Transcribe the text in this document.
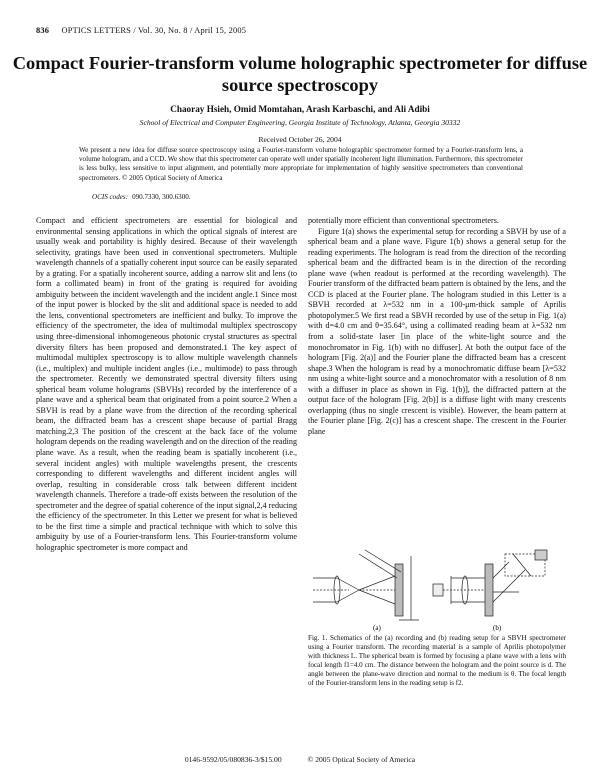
836 OPTICS LETTERS / Vol. 30, No. 8 / April 15, 2005
Compact Fourier-transform volume holographic spectrometer for diffuse source spectroscopy
Chaoray Hsieh, Omid Momtahan, Arash Karbaschi, and Ali Adibi
School of Electrical and Computer Engineering, Georgia Institute of Technology, Atlanta, Georgia 30332
Received October 26, 2004
We present a new idea for diffuse source spectroscopy using a Fourier-transform volume holographic spectrometer formed by a Fourier-transform lens, a volume hologram, and a CCD. We show that this spectrometer can operate well under spatially incoherent light illumination. Furthermore, this spectrometer is less bulky, less sensitive to input alignment, and potentially more appropriate for implementation of highly sensitive spectrometers than conventional spectrometers. © 2005 Optical Society of America
OCIS codes: 090.7330, 300.6300.

Compact and efficient spectrometers are essential for biological and environmental sensing applications in which the optical signals of interest are usually weak and portability is highly desired. Because of their wavelength selectivity, gratings have been used in conventional spectrometers. Multiple wavelength channels of a spatially coherent input source can be easily separated by a grating. For a spatially incoherent source, adding a narrow slit and lens (to form a collimated beam) in front of the grating is required for avoiding ambiguity between the incident wavelength and the incident angle.1 Since most of the input power is blocked by the slit and additional space is needed to add the lens, conventional spectrometers are inefficient and bulky. To improve the efficiency of the spectrometer, the idea of multimodal multiplex spectroscopy using three-dimensional inhomogeneous photonic crystal structures as spectral diversity filters has been proposed and demonstrated.1 The key aspect of multimodal multiplex spectroscopy is to allow multiple wavelength channels (i.e., multiplex) and multiple incident angles (i.e., multimode) to pass through the spectrometer. Recently we demonstrated spectral diversity filters using spherical beam volume holograms (SBVHs) recorded by the interference of a plane wave and a spherical beam that originated from a point source.2 When a SBVH is read by a plane wave from the direction of the recording spherical beam, the diffracted beam has a crescent shape because of partial Bragg matching.2,3 The position of the crescent at the back face of the volume hologram depends on the reading wavelength and on the direction of the reading plane wave. As a result, when the reading beam is spatially incoherent (i.e., several incident angles) with multiple wavelengths present, the crescents corresponding to different wavelengths and different incident angles will overlap, resulting in considerable cross talk between different incident wavelength channels. Therefore a trade-off exists between the resolution of the spectrometer and the degree of spatial coherence of the input signal,2,4 reducing the efficiency of the spectrometer. In this Letter we present for what is believed to be the first time a simple and practical technique with which to solve this ambiguity by use of a Fourier-transform lens. This Fourier-transform volume holographic spectrometer is more compact and

potentially more efficient than conventional spectrometers.

Figure 1(a) shows the experimental setup for recording a SBVH by use of a spherical beam and a plane wave. Figure 1(b) shows a general setup for the reading experiments. The hologram is read from the direction of the recording spherical beam and the diffracted beam is in the direction of the recording plane wave (when readout is performed at the recording wavelength). The Fourier transform of the diffracted beam pattern is obtained by the lens, and the CCD is placed at the Fourier plane. The hologram studied in this Letter is a SBVH recorded at λ=532 nm in a 100-μm-thick sample of Aprilis photopolymer.5 We first read a SBVH recorded by use of the setup in Fig. 1(a) with d=4.0 cm and θ=35.64°, using a collimated reading beam at λ=532 nm from a solid-state laser [in place of the white-light source and the monochromator in Fig. 1(b) with no diffuser]. At both the output face of the hologram [Fig. 2(a)] and the Fourier plane the diffracted beam has a crescent shape.3 When the hologram is read by a monochromatic diffuse beam [λ=532 nm using a white-light source and a monochromator with a resolution of 8 nm with a diffuser in place as shown in Fig. 1(b)], the diffracted pattern at the output face of the hologram [Fig. 2(b)] is a diffuse light with many crescents overlapping (thus no single crescent is visible). However, the beam pattern at the Fourier plane [Fig. 2(c)] has a crescent shape. The crescent in the Fourier plane

(a)	(b)
Fig. 1. Schematics of the (a) recording and (b) reading setup for a SBVH spectrometer using a Fourier transform. The recording material is a sample of Aprilis photopolymer with thickness L. The spherical beam is formed by focusing a plane wave with a lens with focal length f1=4.0 cm. The distance between the hologram and the point source is d. The angle between the plane-wave direction and normal to the medium is θ. The focal length of the Fourier-transform lens in the reading setup is f2.
0146-9592/05/080836-3/$15.00	© 2005 Optical Society of America
